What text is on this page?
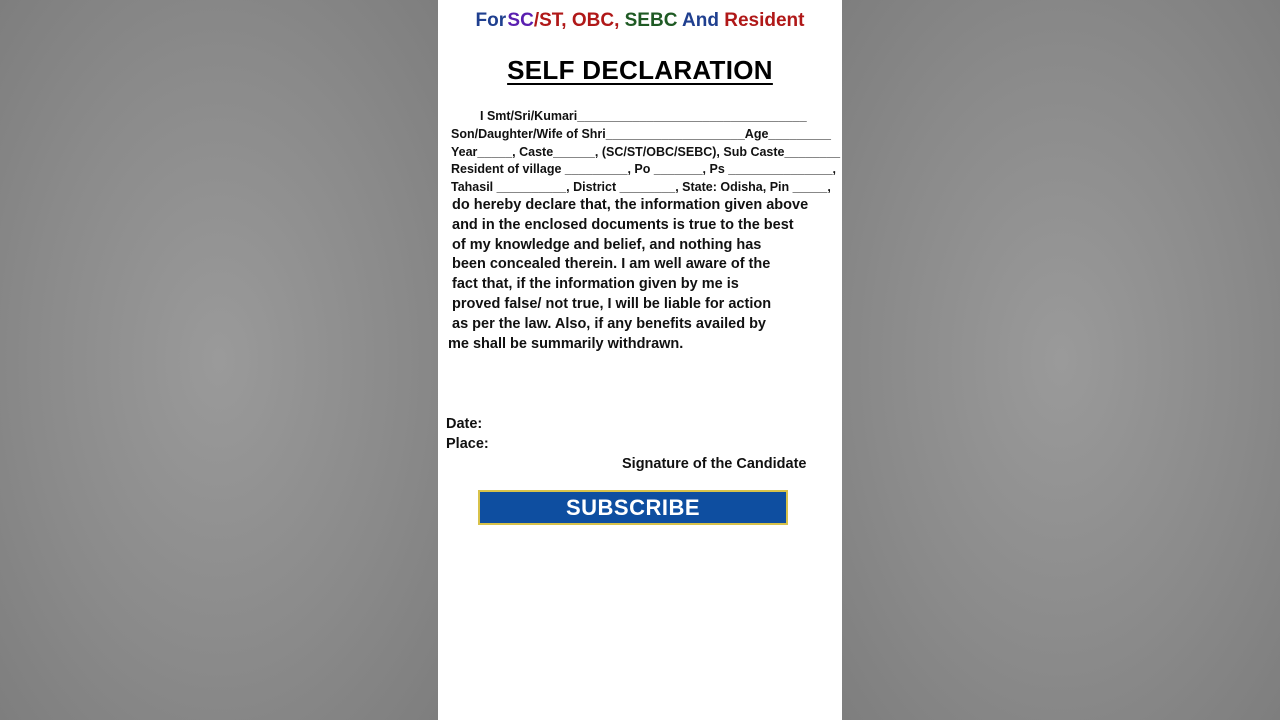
For SC/ST, OBC, SEBC And Resident
SELF DECLARATION
I Smt/Sri/Kumari_________________________________
Son/Daughter/Wife of Shri____________________Age_________
Year_____, Caste______, (SC/ST/OBC/SEBC), Sub Caste________
Resident of village _________, Po _______, Ps _______________,
Tahasil __________, District ________, State: Odisha, Pin _____,
do hereby declare that, the information given above
and in the enclosed documents is true to the best
of my knowledge and belief, and nothing has
been concealed therein. I am well aware of the
fact that, if the information given by me is
proved false/ not true, I will be liable for action
as per the law. Also, if any benefits availed by
me shall be summarily withdrawn.
Date:
Place:
Signature of the Candidate
SUBSCRIBE
